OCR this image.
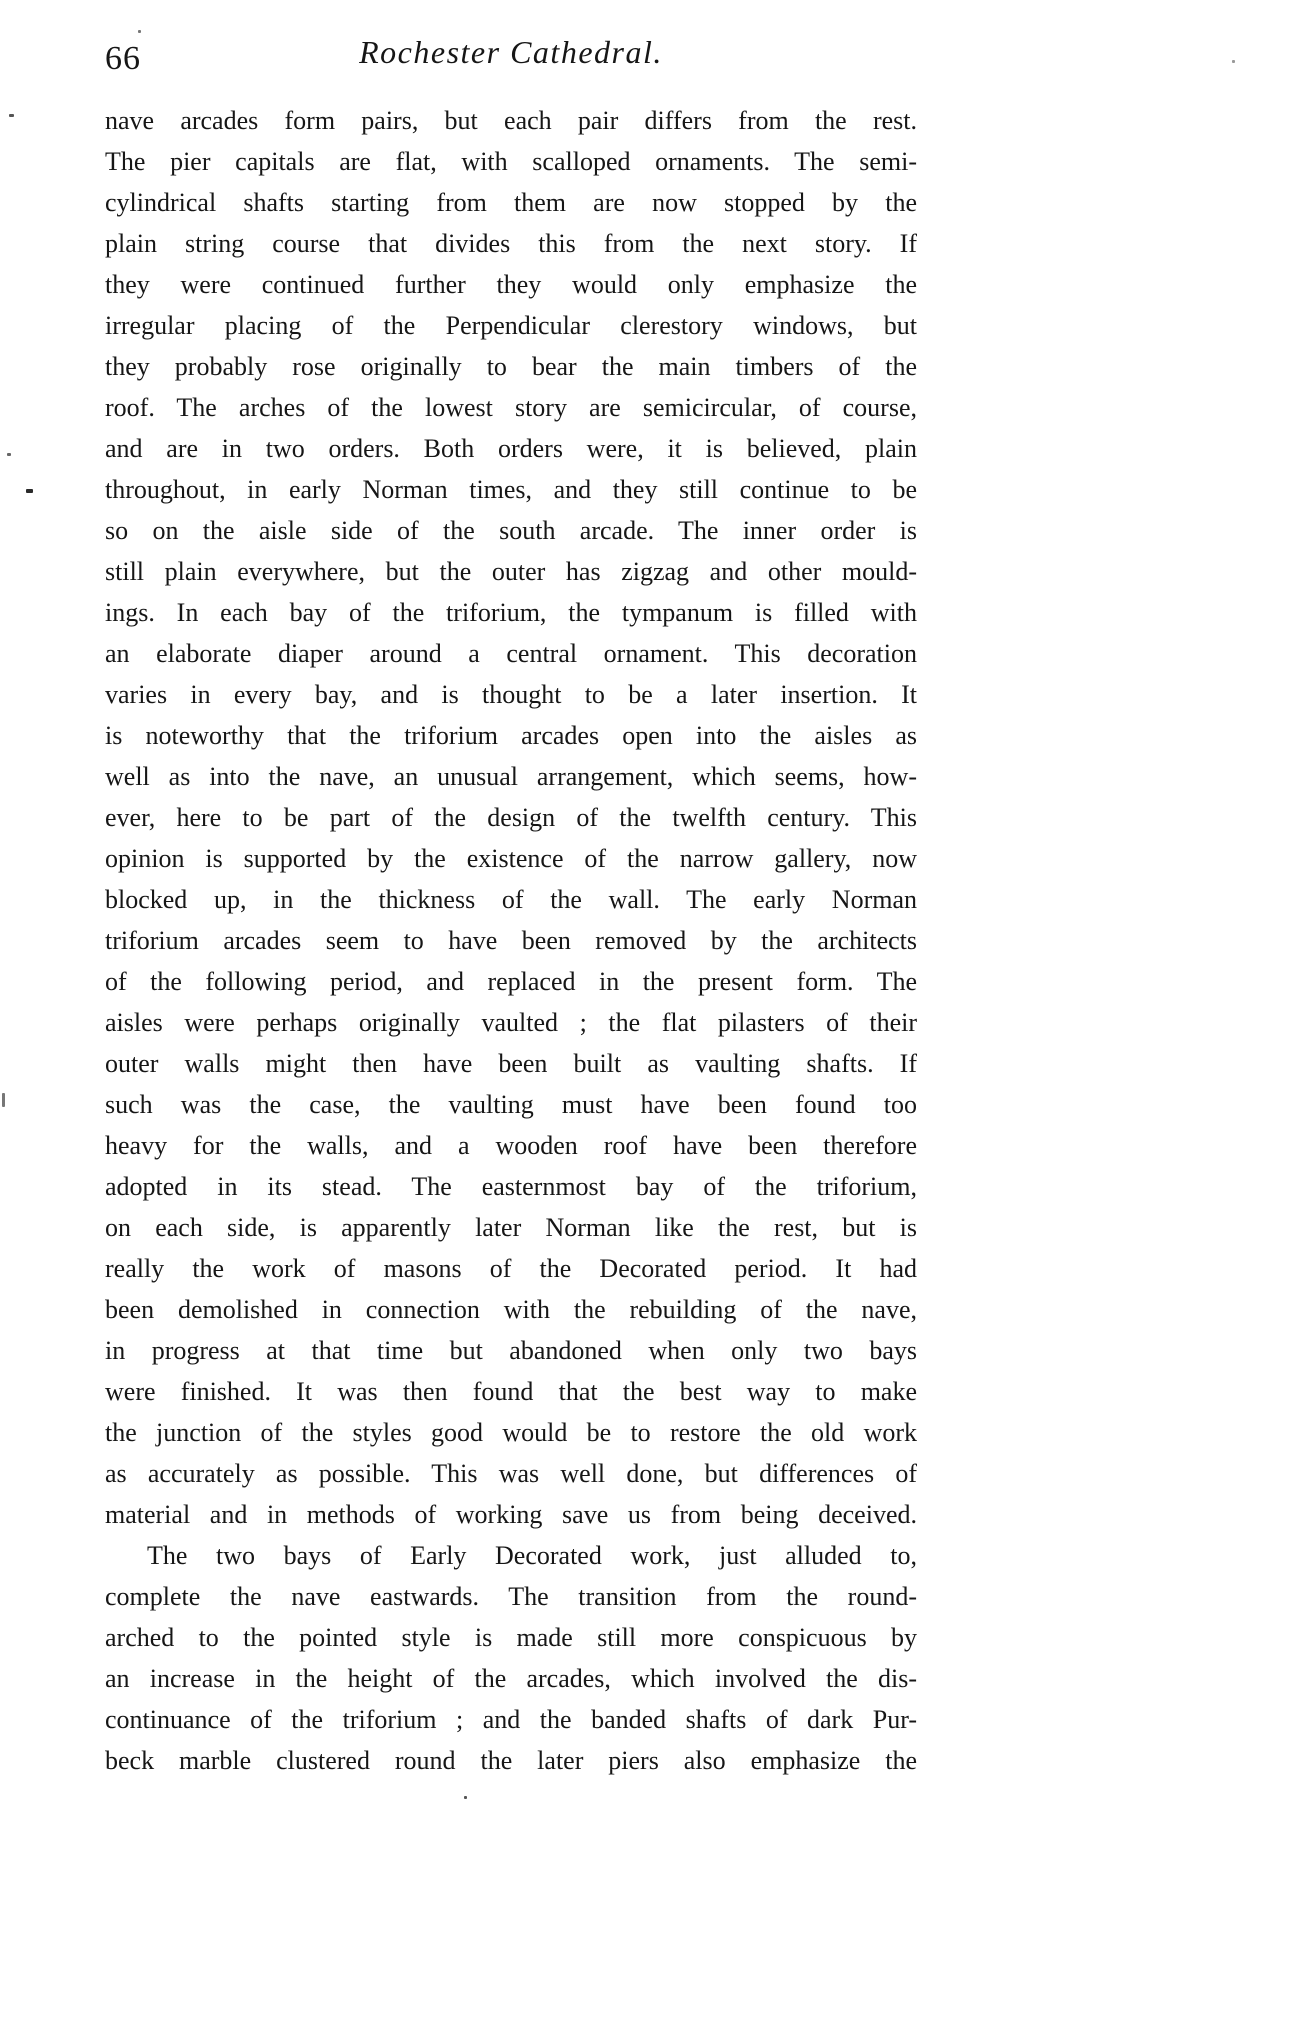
66	Rochester Cathedral.
nave arcades form pairs, but each pair differs from the rest.
The pier capitals are flat, with scalloped ornaments. The semi-
cylindrical shafts starting from them are now stopped by the
plain string course that divides this from the next story. If
they were continued further they would only emphasize the
irregular placing of the Perpendicular clerestory windows, but
they probably rose originally to bear the main timbers of the
roof. The arches of the lowest story are semicircular, of course,
and are in two orders. Both orders were, it is believed, plain
throughout, in early Norman times, and they still continue to be
so on the aisle side of the south arcade. The inner order is
still plain everywhere, but the outer has zigzag and other mould-
ings. In each bay of the triforium, the tympanum is filled with
an elaborate diaper around a central ornament. This decoration
varies in every bay, and is thought to be a later insertion. It
is noteworthy that the triforium arcades open into the aisles as
well as into the nave, an unusual arrangement, which seems, how-
ever, here to be part of the design of the twelfth century. This
opinion is supported by the existence of the narrow gallery, now
blocked up, in the thickness of the wall. The early Norman
triforium arcades seem to have been removed by the architects
of the following period, and replaced in the present form. The
aisles were perhaps originally vaulted ; the flat pilasters of their
outer walls might then have been built as vaulting shafts. If
such was the case, the vaulting must have been found too
heavy for the walls, and a wooden roof have been therefore
adopted in its stead. The easternmost bay of the triforium,
on each side, is apparently later Norman like the rest, but is
really the work of masons of the Decorated period. It had
been demolished in connection with the rebuilding of the nave,
in progress at that time but abandoned when only two bays
were finished. It was then found that the best way to make
the junction of the styles good would be to restore the old work
as accurately as possible. This was well done, but differences of
material and in methods of working save us from being deceived.
The two bays of Early Decorated work, just alluded to,
complete the nave eastwards. The transition from the round-
arched to the pointed style is made still more conspicuous by
an increase in the height of the arcades, which involved the dis-
continuance of the triforium ; and the banded shafts of dark Pur-
beck marble clustered round the later piers also emphasize the
